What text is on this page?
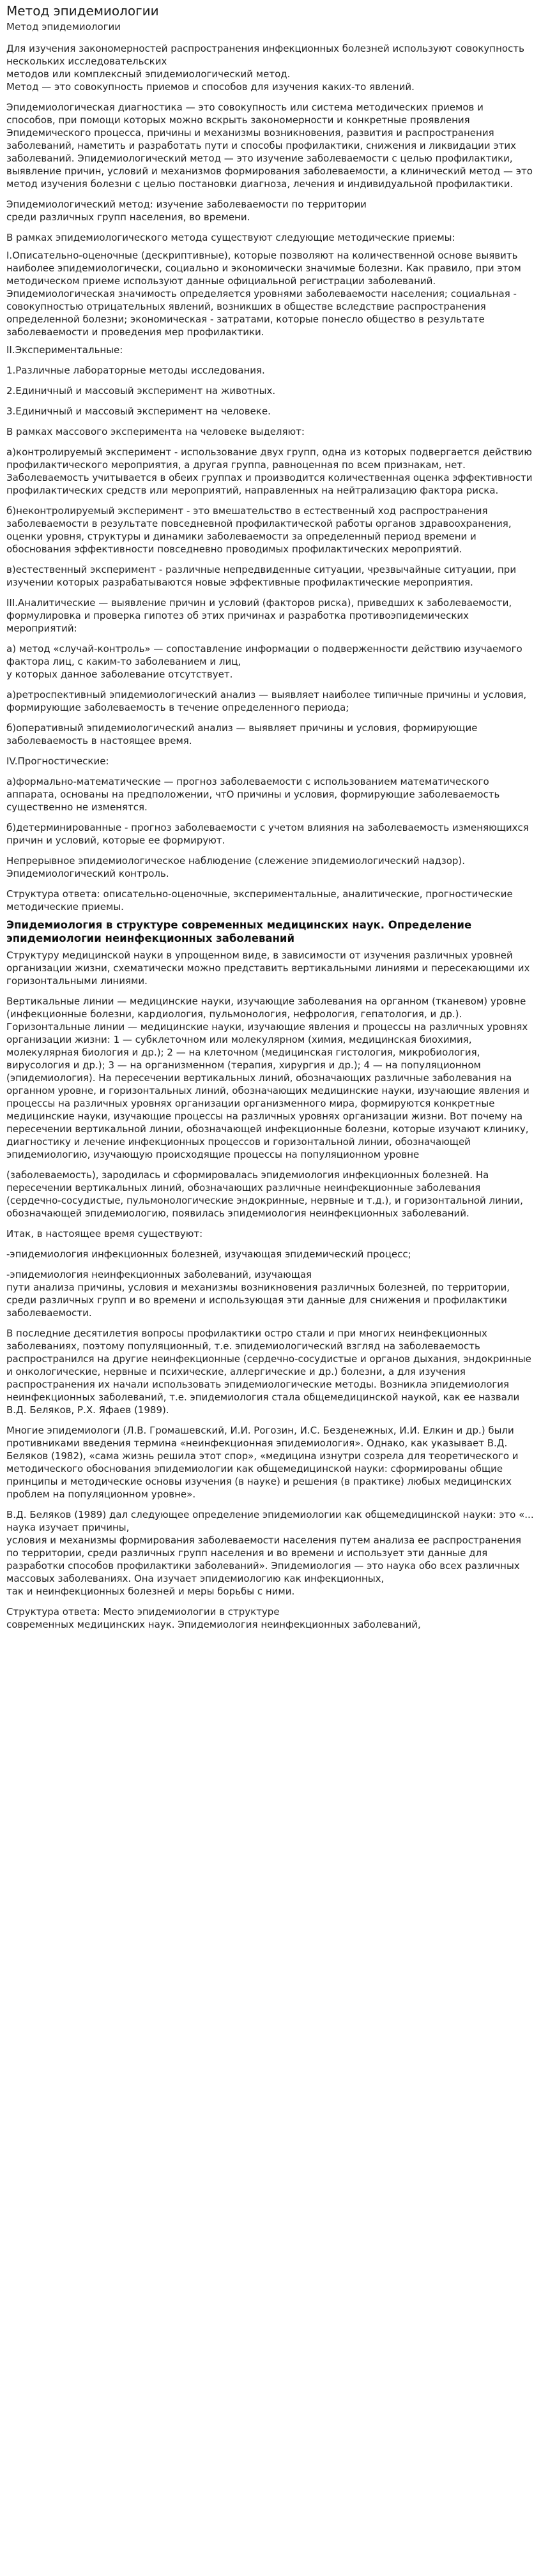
Метод эпидемиологии
Метод эпидемиологии
Для изучения закономерностей распространения инфекционных болезней используют совокупность нескольких исследовательских
методов или комплексный эпидемиологический метод.
Метод — это совокупность приемов и способов для изучения каких-то явлений.
Эпидемиологическая диагностика — это совокупность или система методических приемов и способов, при помощи которых можно вскрыть закономерности и конкретные проявления Эпидемического процесса, причины и механизмы возникновения, развития и распространения заболеваний, наметить и разработать пути и способы профилактики, снижения и ликвидации этих заболеваний. Эпидемиологический метод — это изучение заболеваемости с целью профилактики, выявление причин, условий и механизмов формирования заболеваемости, а клинический метод — это метод изучения болезни с целью постановки диагноза, лечения и индивидуальной профилактики.
Эпидемиологический метод: изучение заболеваемости по территории
среди различных групп населения, во времени.
В рамках эпидемиологического метода существуют следующие методические приемы:
I.Описательно-оценочные (дескриптивные), которые позволяют на количественной основе выявить наиболее эпидемиологически, социально и экономически значимые болезни. Как правило, при этом методическом приеме используют данные официальной регистрации заболеваний. Эпидемиологическая значимость определяется уровнями заболеваемости населения; социальная - совокупностью отрицательных явлений, возникших в обществе вследствие распространения определенной болезни; экономическая - затратами, которые понесло общество в результате заболеваемости и проведения мер профилактики.
II.Экспериментальные:
1.Различные лабораторные методы исследования.
2.Единичный и массовый эксперимент на животных.
3.Единичный и массовый эксперимент на человеке.
В рамках массового эксперимента на человеке выделяют:
а)контролируемый эксперимент - использование двух групп, одна из которых подвергается действию профилактического мероприятия, а другая группа, равноценная по всем признакам, нет. Заболеваемость учитывается в обеих группах и производится количественная оценка эффективности профилактических средств или мероприятий, направленных на нейтрализацию фактора риска.
б)неконтролируемый эксперимент - это вмешательство в естественный ход распространения заболеваемости в результате повседневной профилактической работы органов здравоохранения, оценки уровня, структуры и динамики заболеваемости за определенный период времени и обоснования эффективности повседневно проводимых профилактических мероприятий.
в)естественный эксперимент - различные непредвиденные ситуации, чрезвычайные ситуации, при изучении которых разрабатываются новые эффективные профилактические мероприятия.
III.Аналитические — выявление причин и условий (факторов риска), приведших к заболеваемости, формулировка и проверка гипотез об этих причинах и разработка противоэпидемических мероприятий:
а) метод «случай-контроль» — сопоставление информации о подверженности действию изучаемого фактора лиц, с каким-то заболеванием и лиц,
у которых данное заболевание отсутствует.
а)ретроспективный эпидемиологический анализ — выявляет наиболее типичные причины и условия, формирующие заболеваемость в течение определенного периода;
б)оперативный эпидемиологический анализ — выявляет причины и условия, формирующие заболеваемость в настоящее время.
IV.Прогностические:
а)формально-математические — прогноз заболеваемости с использованием математического аппарата, основаны на предположении, чтО причины и условия, формирующие заболеваемость существенно не изменятся.
б)детерминированные - прогноз заболеваемости с учетом влияния на заболеваемость изменяющихся причин и условий, которые ее формируют.
Непрерывное эпидемиологическое наблюдение (слежение эпидемиологический надзор). Эпидемиологический контроль.
Структура ответа: описательно-оценочные, экспериментальные, аналитические, прогностические методические приемы.
Эпидемиология в структуре современных медицинских наук. Определение эпидемиологии неинфекционных заболеваний
Структуру медицинской науки в упрощенном виде, в зависимости от изучения различных уровней организации жизни, схематически можно представить вертикальными линиями и пересекающими их горизонтальными линиями.
Вертикальные линии — медицинские науки, изучающие заболевания на органном (тканевом) уровне (инфекционные болезни, кардиология, пульмонология, нефрология, гепатология, и др.). Горизонтальные линии — медицинские науки, изучающие явления и процессы на различных уровнях организации жизни: 1 — субклеточном или молекулярном (химия, медицинская биохимия, молекулярная биология и др.); 2 — на клеточном (медицинская гистология, микробиология, вирусология и др.); 3 — на организменном (терапия, хирургия и др.); 4 — на популяционном (эпидемиология). На пересечении вертикальных линий, обозначающих различные заболевания на органном уровне, и горизонтальных линий, обозначающих медицинские науки, изучающие явления и процессы на различных уровнях организации организменного мира, формируются конкретные медицинские науки, изучающие процессы на различных уровнях организации жизни. Вот почему на пересечении вертикальной линии, обозначающей инфекционные болезни, которые изучают клинику, диагностику и лечение инфекционных процессов и горизонтальной линии, обозначающей эпидемиологию, изучающую происходящие процессы на популяционном уровне
(заболеваемость), зародилась и сформировалась эпидемиология инфекционных болезней. На пересечении вертикальных линий, обозначающих различные неинфекционные заболевания (сердечно-сосудистые, пульмонологические эндокринные, нервные и т.д.), и горизонтальной линии, обозначающей эпидемиологию, появилась эпидемиология неинфекционных заболеваний.
Итак, в настоящее время существуют:
-эпидемиология инфекционных болезней, изучающая эпидемический процесс;
-эпидемиология неинфекционных заболеваний, изучающая
пути анализа причины, условия и механизмы возникновения различных болезней, по территории, среди различных групп и во времени и использующая эти данные для снижения и профилактики заболеваемости.
В последние десятилетия вопросы профилактики остро стали и при многих неинфекционных заболеваниях, поэтому популяционный, т.е. эпидемиологический взгляд на заболеваемость распространился на другие неинфекционные (сердечно-сосудистые и органов дыхания, эндокринные и онкологические, нервные и психические, аллергические и др.) болезни, а для изучения распространения их начали использовать эпидемиологические методы. Возникла эпидемиология неинфекционных заболеваний, т.е. эпидемиология стала общемедицинской наукой, как ее назвали В.Д. Беляков, Р.Х. Яфаев (1989).
Многие эпидемиологи (Л.В. Громашевский, И.И. Рогозин, И.С. Безденежных, И.И. Елкин и др.) были противниками введения термина «неинфекционная эпидемиология». Однако, как указывает В.Д. Беляков (1982), «сама жизнь решила этот спор», «медицина изнутри созрела для теоретического и методического обоснования эпидемиологии как общемедицинской науки: сформированы общие принципы и методические основы изучения (в науке) и решения (в практике) любых медицинских проблем на популяционном уровне».
В.Д. Беляков (1989) дал следующее определение эпидемиологии как общемедицинской науки: это «... наука изучает причины,
условия и механизмы формирования заболеваемости населения путем анализа ее распространения по территории, среди различных групп населения и во времени и использует эти данные для разработки способов профилактики заболеваний». Эпидемиология — это наука обо всех различных массовых заболеваниях. Она изучает эпидемиологию как инфекционных,
так и неинфекционных болезней и меры борьбы с ними.
Структура ответа: Место эпидемиологии в структуре
современных медицинских наук. Эпидемиология неинфекционных заболеваний,
